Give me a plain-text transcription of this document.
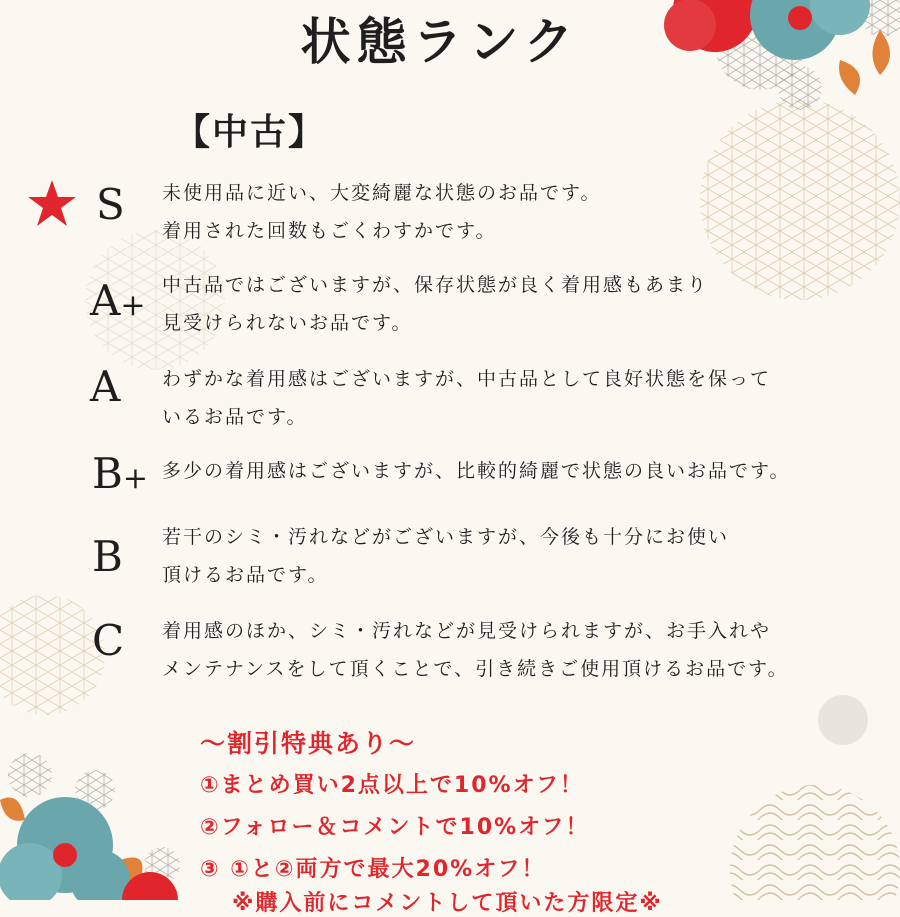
状態ランク
【中古】
S 未使用品に近い、大変綺麗な状態のお品です。
着用された回数もごくわすかです。
A+
中古品ではございますが、保存状態が良く着用感もあまり
見受けられないお品です。
A わずかな着用感はございますが、中古品として良好状態を保って
いるお品です。
B+ 多少の着用感はございますが、比較的綺麗で状態の良いお品です。
B 若干のシミ・汚れなどがございますが、今後も十分にお使い
頂けるお品です。
C 着用感のほか、シミ・汚れなどが見受けられますが、お手入れや
メンテナンスをして頂くことで、引き続きご使用頂けるお品です。
〜割引特典あり〜
①まとめ買い2点以上で10%オフ！
②フォロー＆コメントで10%オフ！
③ ①と②両方で最大20%オフ！
※購入前にコメントして頂いた方限定※
